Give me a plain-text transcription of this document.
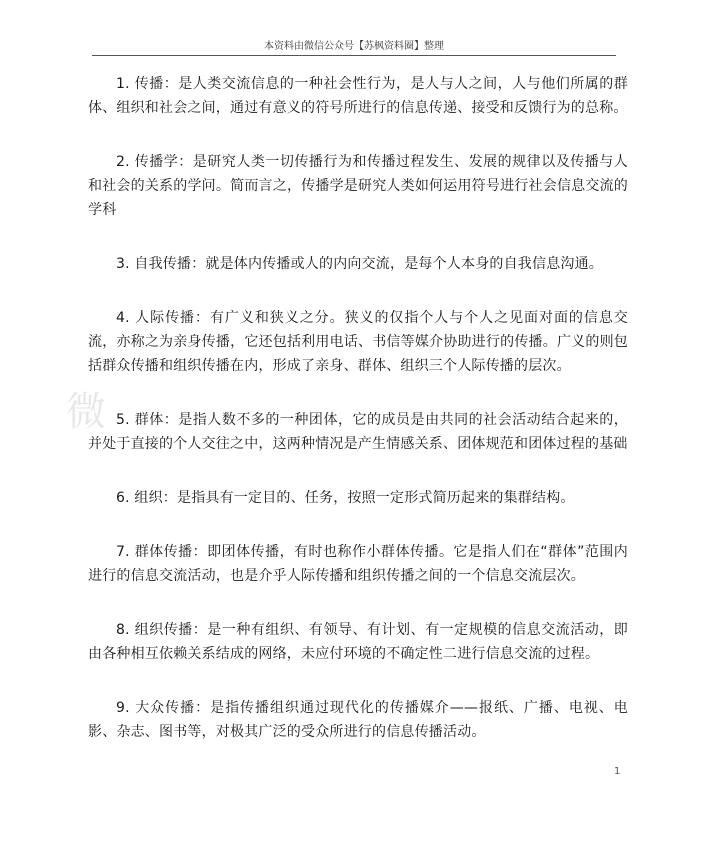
本资料由微信公众号【苏枫资料圈】整理
微

1. 传播：是人类交流信息的一种社会性行为，是人与人之间，人与他们所属的群体、组织和社会之间，通过有意义的符号所进行的信息传递、接受和反馈行为的总称。

2. 传播学：是研究人类一切传播行为和传播过程发生、发展的规律以及传播与人和社会的关系的学问。简而言之，传播学是研究人类如何运用符号进行社会信息交流的学科

3. 自我传播：就是体内传播或人的内向交流，是每个人本身的自我信息沟通。

4. 人际传播：有广义和狭义之分。狭义的仅指个人与个人之见面对面的信息交流，亦称之为亲身传播，它还包括利用电话、书信等媒介协助进行的传播。广义的则包括群众传播和组织传播在内，形成了亲身、群体、组织三个人际传播的层次。

5. 群体：是指人数不多的一种团体，它的成员是由共同的社会活动结合起来的，并处于直接的个人交往之中，这两种情况是产生情感关系、团体规范和团体过程的基础

6. 组织：是指具有一定目的、任务，按照一定形式简历起来的集群结构。

7. 群体传播：即团体传播，有时也称作小群体传播。它是指人们在“群体”范围内进行的信息交流活动，也是介乎人际传播和组织传播之间的一个信息交流层次。

8. 组织传播：是一种有组织、有领导、有计划、有一定规模的信息交流活动，即由各种相互依赖关系结成的网络，未应付环境的不确定性二进行信息交流的过程。

9. 大众传播：是指传播组织通过现代化的传播媒介——报纸、广播、电视、电影、杂志、图书等，对极其广泛的受众所进行的信息传播活动。

1
